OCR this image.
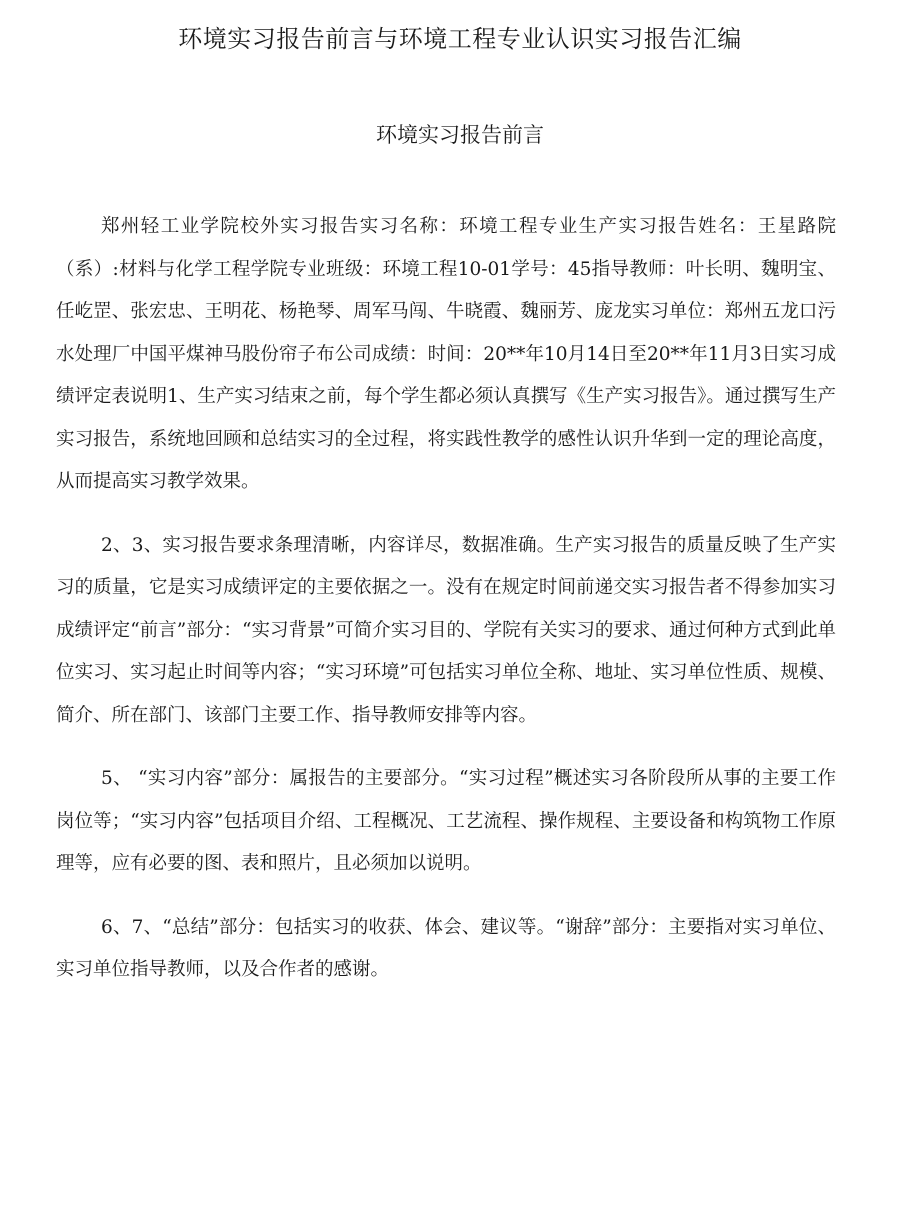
环境实习报告前言与环境工程专业认识实习报告汇编
环境实习报告前言

郑州轻工业学院校外实习报告实习名称：环境工程专业生产实习报告姓名：王星路院（系）:材料与化学工程学院专业班级：环境工程10-01学号：45指导教师：叶长明、魏明宝、任屹罡、张宏忠、王明花、杨艳琴、周军马闯、牛晓霞、魏丽芳、庞龙实习单位：郑州五龙口污水处理厂中国平煤神马股份帘子布公司成绩：时间：20**年10月14日至20**年11月3日实习成绩评定表说明1、生产实习结束之前，每个学生都必须认真撰写《生产实习报告》。通过撰写生产实习报告，系统地回顾和总结实习的全过程，将实践性教学的感性认识升华到一定的理论高度，从而提高实习教学效果。

2、3、实习报告要求条理清晰，内容详尽，数据准确。生产实习报告的质量反映了生产实习的质量，它是实习成绩评定的主要依据之一。没有在规定时间前递交实习报告者不得参加实习成绩评定“前言”部分：“实习背景”可简介实习目的、学院有关实习的要求、通过何种方式到此单位实习、实习起止时间等内容；“实习环境”可包括实习单位全称、地址、实习单位性质、规模、简介、所在部门、该部门主要工作、指导教师安排等内容。

5、 “实习内容”部分：属报告的主要部分。“实习过程”概述实习各阶段所从事的主要工作岗位等；“实习内容”包括项目介绍、工程概况、工艺流程、操作规程、主要设备和构筑物工作原理等，应有必要的图、表和照片，且必须加以说明。

6、7、“总结”部分：包括实习的收获、体会、建议等。“谢辞”部分：主要指对实习单位、实习单位指导教师，以及合作者的感谢。
